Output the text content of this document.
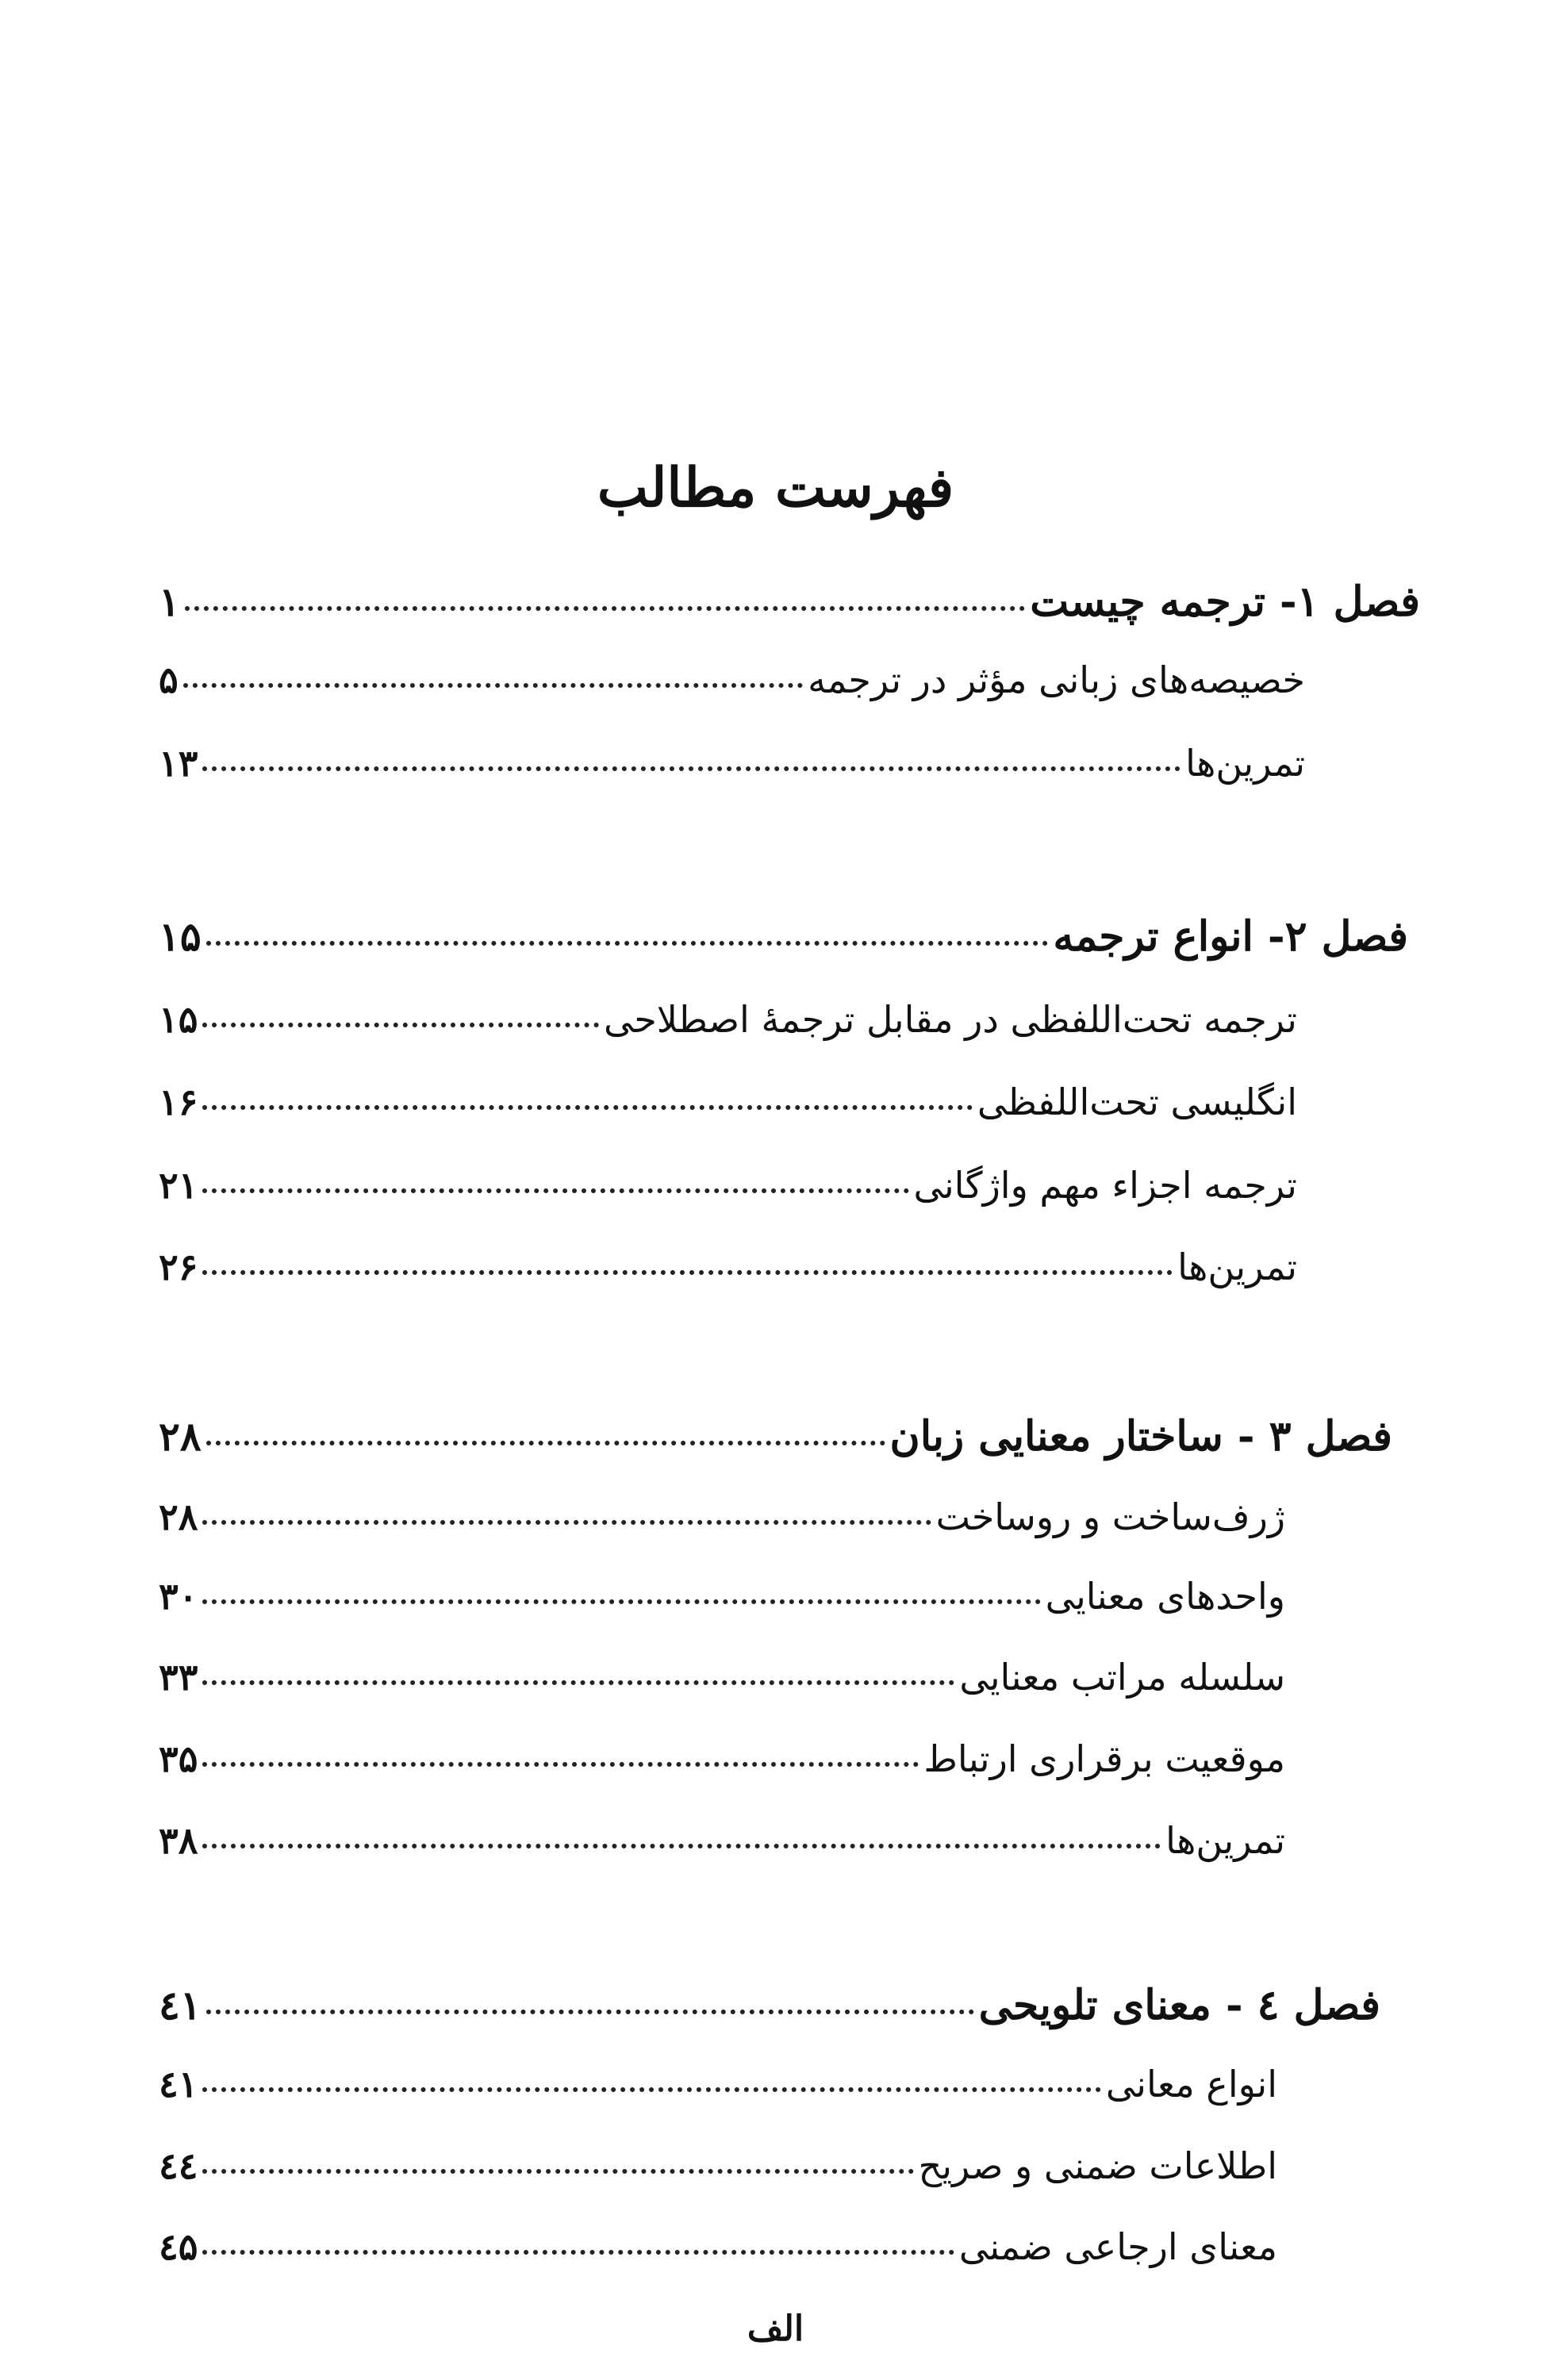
فهرست مطالب
فصل ۱- ترجمه چیست
۱
خصیصه‌های زبانی مؤثر در ترجمه
۵
تمرین‌ها
۱۳
فصل ۲- انواع ترجمه
۱۵
ترجمه تحت‌اللفظی در مقابل ترجمهٔ اصطلاحی
۱۵
انگلیسی تحت‌اللفظی
۱۶
ترجمه اجزاء مهم واژگانی
۲۱
تمرین‌ها
۲۶
فصل ۳ - ساختار معنایی زبان
۲۸
ژرف‌ساخت و روساخت
۲۸
واحدهای معنایی
۳۰
سلسله مراتب معنایی
۳۳
موقعیت برقراری ارتباط
۳۵
تمرین‌ها
۳۸
فصل ٤ - معنای تلویحی
٤۱
انواع معانی
٤۱
اطلاعات ضمنی و صریح
٤٤
معنای ارجاعی ضمنی
٤۵
الف
